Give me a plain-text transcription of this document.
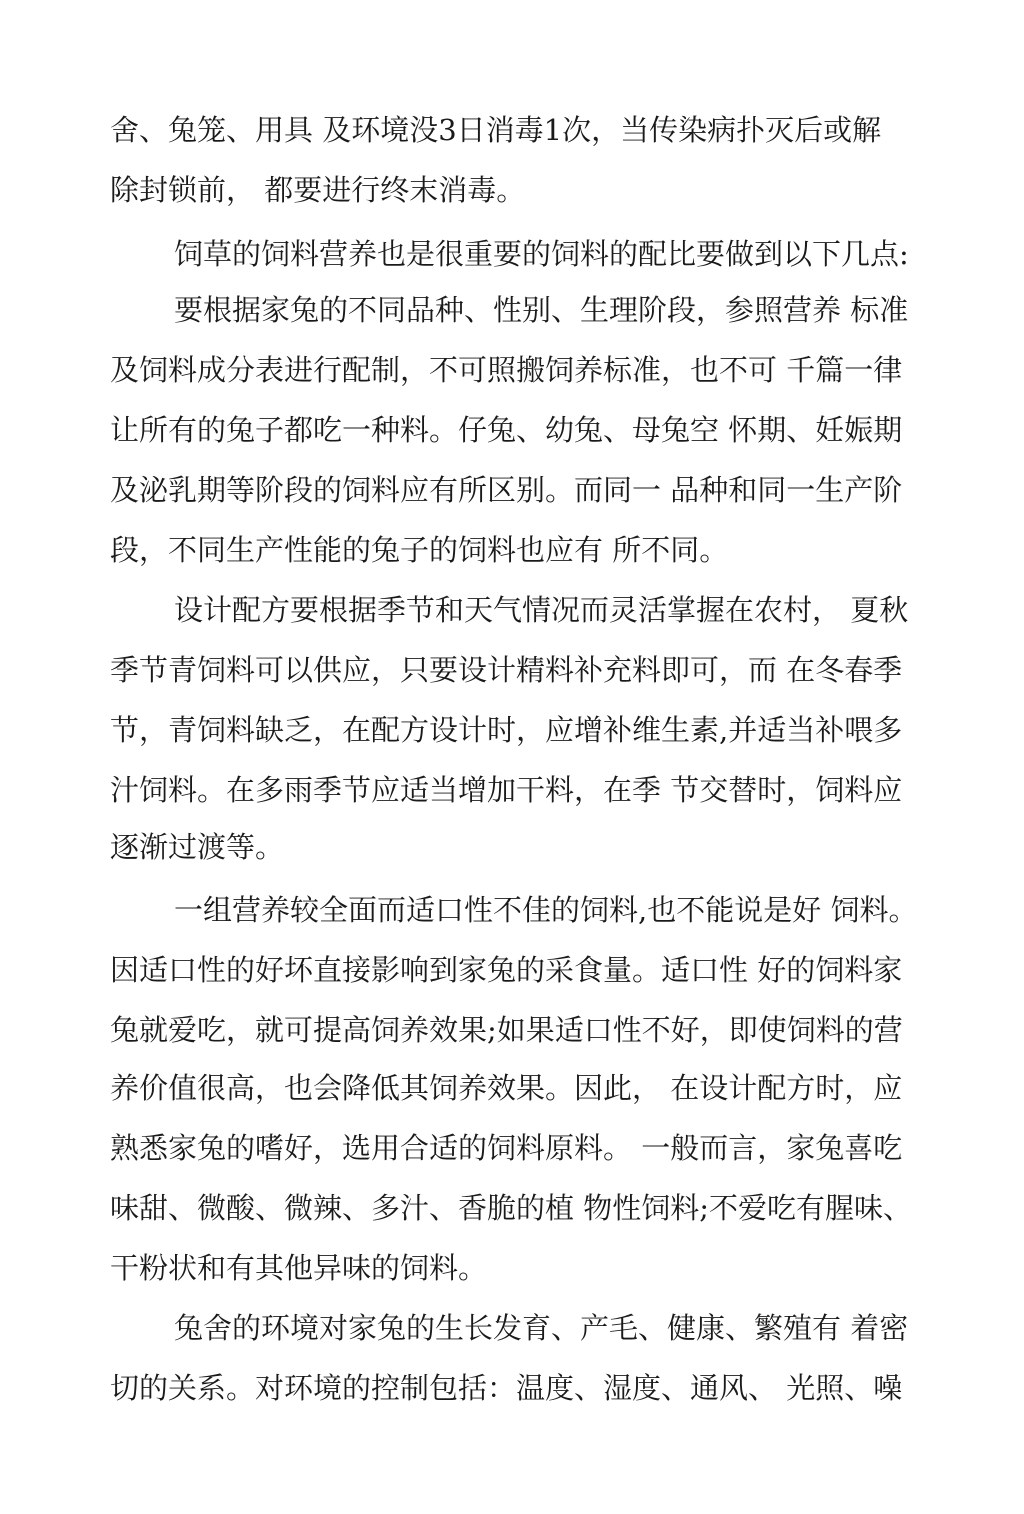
舍、兔笼、用具 及环境没3日消毒1次，当传染病扑灭后或解
除封锁前， 都要进行终末消毒。
饲草的饲料营养也是很重要的饲料的配比要做到以下几点:
要根据家兔的不同品种、性别、生理阶段，参照营养 标准
及饲料成分表进行配制，不可照搬饲养标准，也不可 千篇一律
让所有的兔子都吃一种料。仔兔、幼兔、母兔空 怀期、妊娠期
及泌乳期等阶段的饲料应有所区别。而同一 品种和同一生产阶
段，不同生产性能的兔子的饲料也应有 所不同。
设计配方要根据季节和天气情况而灵活掌握在农村， 夏秋
季节青饲料可以供应，只要设计精料补充料即可，而 在冬春季
节，青饲料缺乏，在配方设计时，应增补维生素,并适当补喂多
汁饲料。在多雨季节应适当增加干料，在季 节交替时，饲料应
逐渐过渡等。
一组营养较全面而适口性不佳的饲料,也不能说是好 饲料。
因适口性的好坏直接影响到家兔的采食量。适口性 好的饲料家
兔就爱吃，就可提高饲养效果;如果适口性不好，即使饲料的营
养价值很高，也会降低其饲养效果。因此， 在设计配方时，应
熟悉家兔的嗜好，选用合适的饲料原料。 一般而言，家兔喜吃
味甜、微酸、微辣、多汁、香脆的植 物性饲料;不爱吃有腥味、
干粉状和有其他异味的饲料。
兔舍的环境对家兔的生长发育、产毛、健康、繁殖有 着密
切的关系。对环境的控制包括：温度、湿度、通风、 光照、噪
